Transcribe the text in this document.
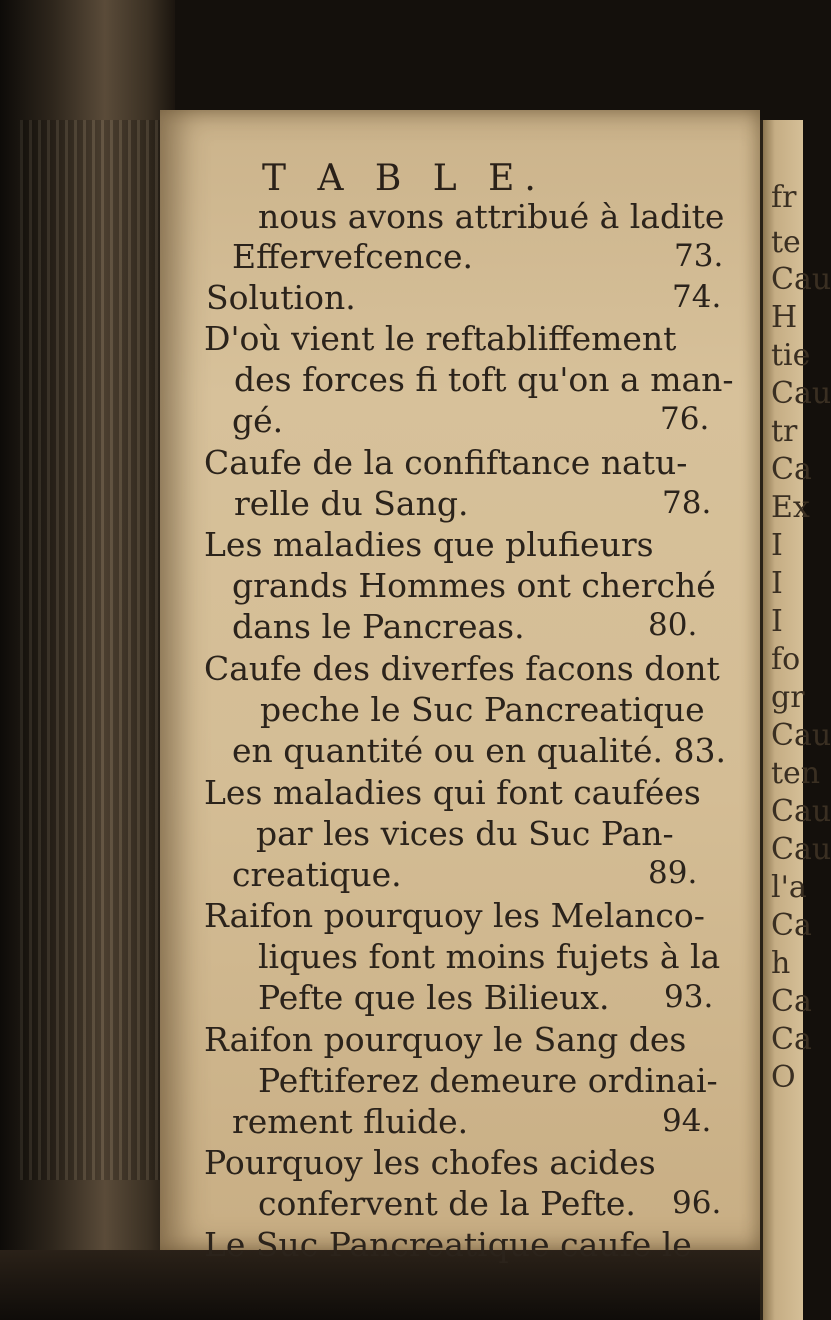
fr
te
Cau
H
tie
Cau
tr
Ca
Ex
I
I
I
fo
gr
Cau
ten
Cau
Cau
l'a
Ca
h
Ca
Ca
O
T A B L E.
nous avons attribué à ladite
Effervefcence.	73.
Solution.	74.
D'où vient le reftabliffement
des forces fi toft qu'on a man-
gé.	76.
Caufe de la confiftance natu-
relle du Sang.	78.
Les maladies que plufieurs
grands Hommes ont cherché
dans le Pancreas.	80.
Caufe des diverfes facons dont
peche le Suc Pancreatique
en quantité ou en qualité. 83.
Les maladies qui font caufées
par les vices du Suc Pan-
creatique.	89.
Raifon pourquoy les Melanco-
liques font moins fujets à la
Pefte que les Bilieux. 93.
Raifon pourquoy le Sang des
Peftiferez demeure ordinai-
rement fluide.	94.
Pourquoy les chofes acides
confervent de la Pefte. 96.
Le Suc Pancreatique caufe le
